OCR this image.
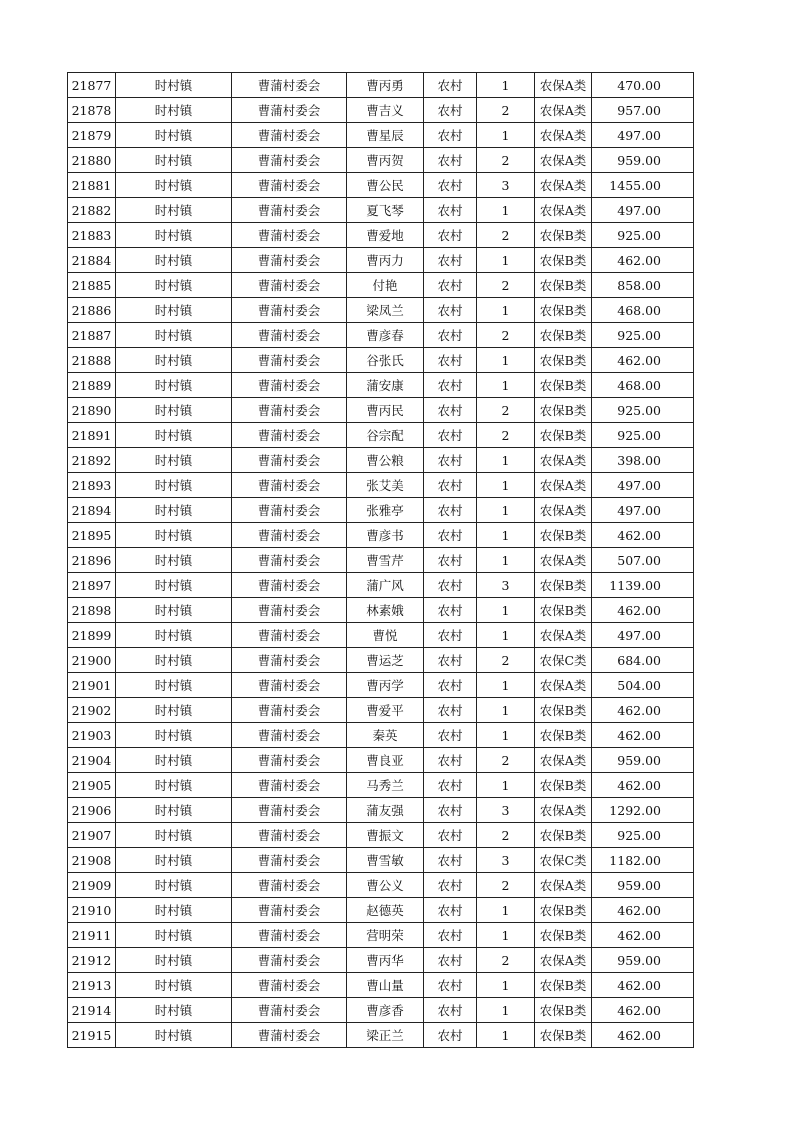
21877	时村镇	曹蒲村委会	曹丙勇	农村	1	农保A类	470.00
21878	时村镇	曹蒲村委会	曹吉义	农村	2	农保A类	957.00
21879	时村镇	曹蒲村委会	曹星辰	农村	1	农保A类	497.00
21880	时村镇	曹蒲村委会	曹丙贺	农村	2	农保A类	959.00
21881	时村镇	曹蒲村委会	曹公民	农村	3	农保A类	1455.00
21882	时村镇	曹蒲村委会	夏飞琴	农村	1	农保A类	497.00
21883	时村镇	曹蒲村委会	曹爱地	农村	2	农保B类	925.00
21884	时村镇	曹蒲村委会	曹丙力	农村	1	农保B类	462.00
21885	时村镇	曹蒲村委会	付艳	农村	2	农保B类	858.00
21886	时村镇	曹蒲村委会	梁凤兰	农村	1	农保B类	468.00
21887	时村镇	曹蒲村委会	曹彦春	农村	2	农保B类	925.00
21888	时村镇	曹蒲村委会	谷张氏	农村	1	农保B类	462.00
21889	时村镇	曹蒲村委会	蒲安康	农村	1	农保B类	468.00
21890	时村镇	曹蒲村委会	曹丙民	农村	2	农保B类	925.00
21891	时村镇	曹蒲村委会	谷宗配	农村	2	农保B类	925.00
21892	时村镇	曹蒲村委会	曹公粮	农村	1	农保A类	398.00
21893	时村镇	曹蒲村委会	张艾美	农村	1	农保A类	497.00
21894	时村镇	曹蒲村委会	张雅亭	农村	1	农保A类	497.00
21895	时村镇	曹蒲村委会	曹彦书	农村	1	农保B类	462.00
21896	时村镇	曹蒲村委会	曹雪芹	农村	1	农保A类	507.00
21897	时村镇	曹蒲村委会	蒲广风	农村	3	农保B类	1139.00
21898	时村镇	曹蒲村委会	林素娥	农村	1	农保B类	462.00
21899	时村镇	曹蒲村委会	曹悦	农村	1	农保A类	497.00
21900	时村镇	曹蒲村委会	曹运芝	农村	2	农保C类	684.00
21901	时村镇	曹蒲村委会	曹丙学	农村	1	农保A类	504.00
21902	时村镇	曹蒲村委会	曹爱平	农村	1	农保B类	462.00
21903	时村镇	曹蒲村委会	秦英	农村	1	农保B类	462.00
21904	时村镇	曹蒲村委会	曹良亚	农村	2	农保A类	959.00
21905	时村镇	曹蒲村委会	马秀兰	农村	1	农保B类	462.00
21906	时村镇	曹蒲村委会	蒲友强	农村	3	农保A类	1292.00
21907	时村镇	曹蒲村委会	曹振文	农村	2	农保B类	925.00
21908	时村镇	曹蒲村委会	曹雪敏	农村	3	农保C类	1182.00
21909	时村镇	曹蒲村委会	曹公义	农村	2	农保A类	959.00
21910	时村镇	曹蒲村委会	赵德英	农村	1	农保B类	462.00
21911	时村镇	曹蒲村委会	营明荣	农村	1	农保B类	462.00
21912	时村镇	曹蒲村委会	曹丙华	农村	2	农保A类	959.00
21913	时村镇	曹蒲村委会	曹山量	农村	1	农保B类	462.00
21914	时村镇	曹蒲村委会	曹彦香	农村	1	农保B类	462.00
21915	时村镇	曹蒲村委会	梁正兰	农村	1	农保B类	462.00
